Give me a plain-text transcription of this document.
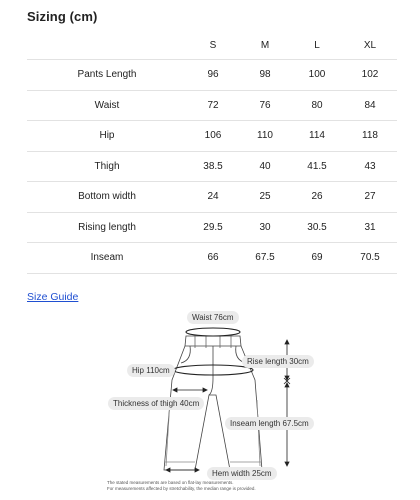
Sizing (cm)
	S	M	L	XL
Pants Length	96	98	100	102
Waist	72	76	80	84
Hip	106	110	114	118
Thigh	38.5	40	41.5	43
Bottom width	24	25	26	27
Rising length	29.5	30	30.5	31
Inseam	66	67.5	69	70.5
Size Guide
Waist 76cm
Rise length 30cm
Hip 110cm
Thickness of thigh 40cm
Inseam length 67.5cm
Hem width 25cm
The stated measurements are based on flat-lay measurements.
For measurements affected by stretchability, the median range is provided.
